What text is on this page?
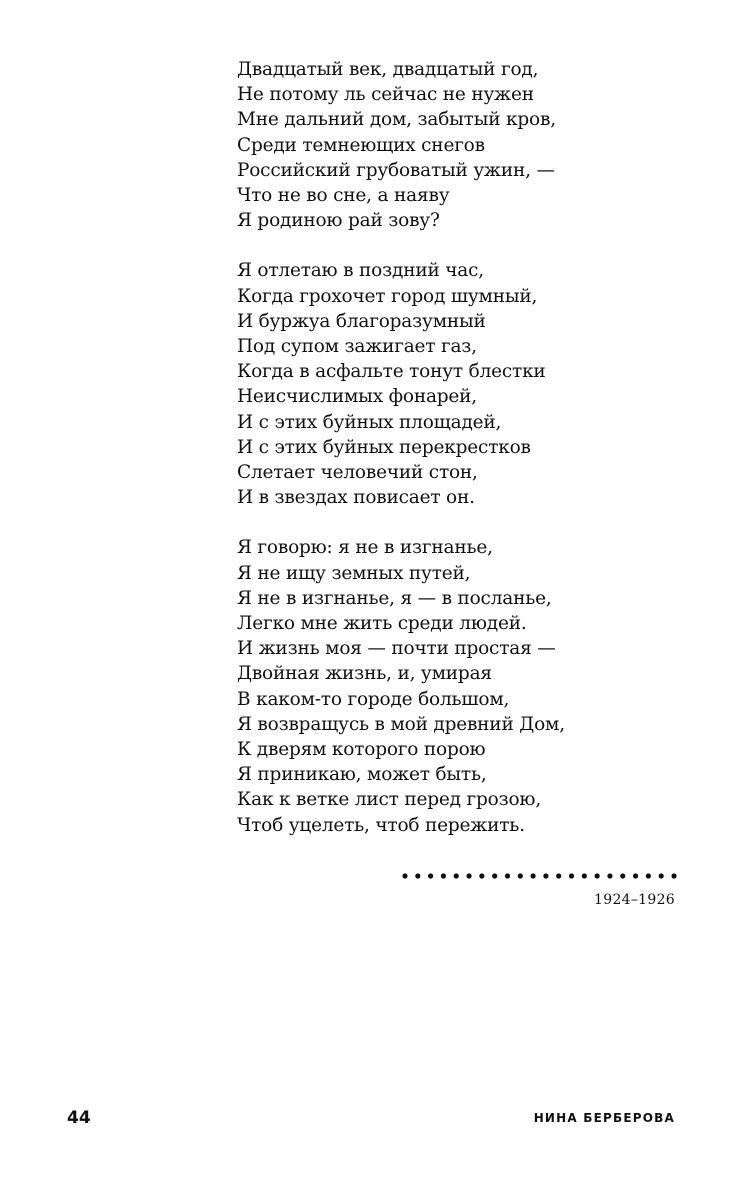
Двадцатый век, двадцатый год,
Не потому ль сейчас не нужен
Мне дальний дом, забытый кров,
Среди темнеющих снегов
Российский грубоватый ужин, —
Что не во сне, а наяву
Я родиною рай зову?
Я отлетаю в поздний час,
Когда грохочет город шумный,
И буржуа благоразумный
Под супом зажигает газ,
Когда в асфальте тонут блестки
Неисчислимых фонарей,
И с этих буйных площадей,
И с этих буйных перекрестков
Слетает человечий стон,
И в звездах повисает он.
Я говорю: я не в изгнанье,
Я не ищу земных путей,
Я не в изгнанье, я — в посланье,
Легко мне жить среди людей.
И жизнь моя — почти простая —
Двойная жизнь, и, умирая
В каком-то городе большом,
Я возвращусь в мой древний Дом,
К дверям которого порою
Я приникаю, может быть,
Как к ветке лист перед грозою,
Чтоб уцелеть, чтоб пережить.
1924–1926
44	НИНА БЕРБЕРОВА
